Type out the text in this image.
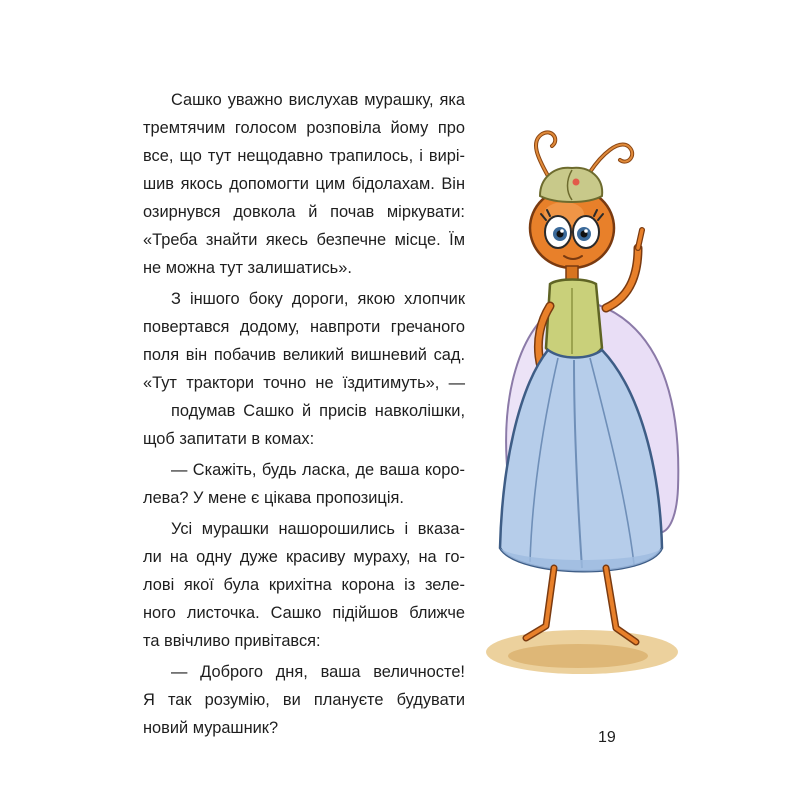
Сашко уважно вислухав мурашку, яка
тремтячим голосом розповіла йому про
все, що тут нещодавно трапилось, і вирі-
шив якось допомогти цим бідолахам. Він
озирнувся довкола й почав міркувати:
«Треба знайти якесь безпечне місце. Їм
не можна тут залишатись».
З іншого боку дороги, якою хлопчик
повертався додому, навпроти гречаного
поля він побачив великий вишневий сад.
«Тут трактори точно не їздитимуть», —
подумав Сашко й присів навколішки,
щоб запитати в комах:
— Скажіть, будь ласка, де ваша коро-
лева? У мене є цікава пропозиція.
Усі мурашки нашорошились і вказа-
ли на одну дуже красиву мураху, на го-
лові якої була крихітна корона із зеле-
ного листочка. Сашко підійшов ближче
та ввічливо привітався:
— Доброго дня, ваша величносте!
Я так розумію, ви плануєте будувати
новий мурашник?
19
